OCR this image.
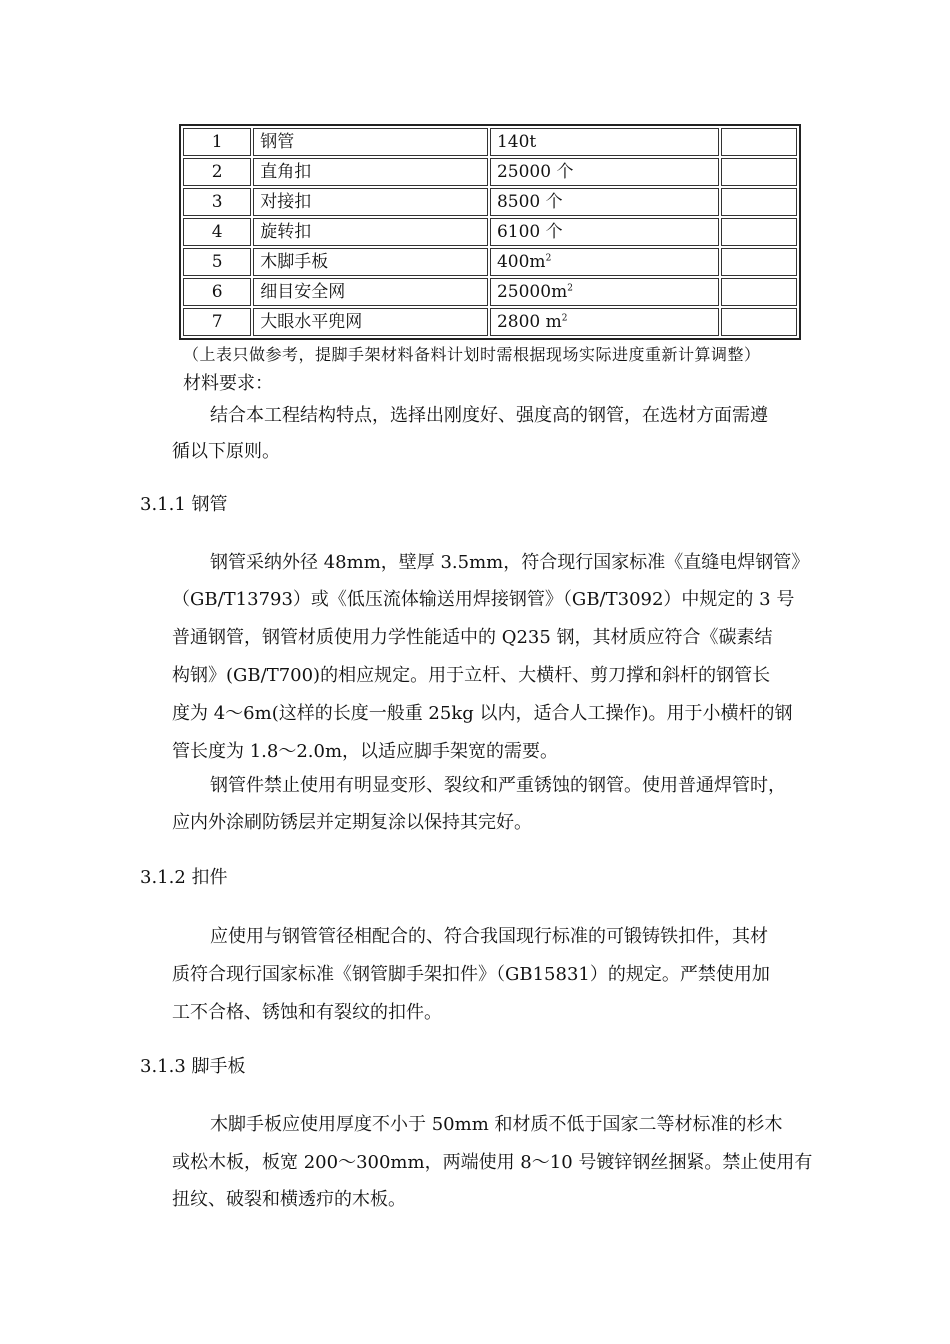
1	钢管	140t	
2	直角扣	25000 个	
3	对接扣	8500 个	
4	旋转扣	6100 个	
5	木脚手板	$400m^2$	
6	细目安全网	$25000m^2$	
7	大眼水平兜网	2800 $m^2$	
（上表只做参考，提脚手架材料备料计划时需根据现场实际进度重新计算调整）
材料要求：
结合本工程结构特点，选择出刚度好、强度高的钢管，在选材方面需遵
循以下原则。
3.1.1 钢管
钢管采纳外径 48mm，壁厚 3.5mm，符合现行国家标准《直缝电焊钢管》
（GB/T13793）或《低压流体输送用焊接钢管》（GB/T3092）中规定的 3 号
普通钢管，钢管材质使用力学性能适中的 Q235 钢，其材质应符合《碳素结
构钢》(GB/T700)的相应规定。用于立杆、大横杆、剪刀撑和斜杆的钢管长
度为 4～6m(这样的长度一般重 25kg 以内，适合人工操作)。用于小横杆的钢
管长度为 1.8～2.0m，以适应脚手架宽的需要。
钢管件禁止使用有明显变形、裂纹和严重锈蚀的钢管。使用普通焊管时，
应内外涂刷防锈层并定期复涂以保持其完好。
3.1.2 扣件
应使用与钢管管径相配合的、符合我国现行标准的可锻铸铁扣件，其材
质符合现行国家标准《钢管脚手架扣件》（GB15831）的规定。严禁使用加
工不合格、锈蚀和有裂纹的扣件。
3.1.3 脚手板
木脚手板应使用厚度不小于 50mm 和材质不低于国家二等材标准的杉木
或松木板，板宽 200～300mm，两端使用 8～10 号镀锌钢丝捆紧。禁止使用有
扭纹、破裂和横透疖的木板。
